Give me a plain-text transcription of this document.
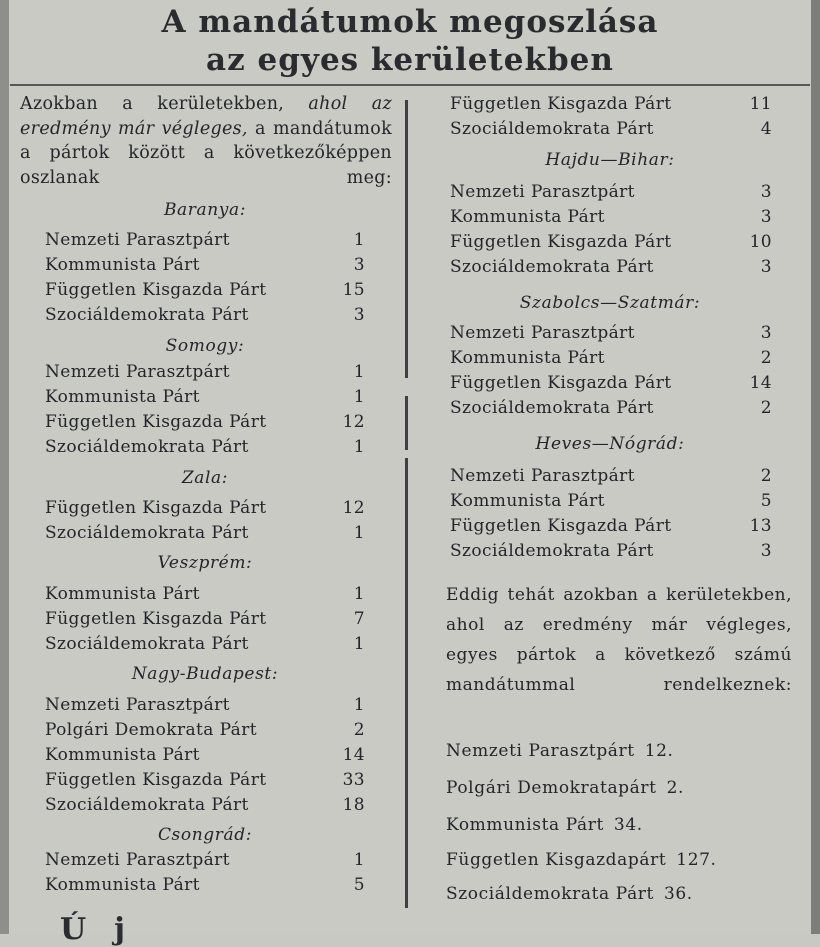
A mandátumok megoszlása
az egyes kerületekben
Azokban a kerületekben, ahol az eredmény már végleges, a mandátumok a pártok között a következőképpen oszlanak meg:
Baranya:
Nemzeti Parasztpárt	1
Kommunista Párt	3
Független Kisgazda Párt	15
Szociáldemokrata Párt	3
Somogy:
Nemzeti Parasztpárt	1
Kommunista Párt	1
Független Kisgazda Párt	12
Szociáldemokrata Párt	1
Zala:
Független Kisgazda Párt	12
Szociáldemokrata Párt	1
Veszprém:
Kommunista Párt	1
Független Kisgazda Párt	7
Szociáldemokrata Párt	1
Nagy-Budapest:
Nemzeti Parasztpárt	1
Polgári Demokrata Párt	2
Kommunista Párt	14
Független Kisgazda Párt	33
Szociáldemokrata Párt	18
Csongrád:
Nemzeti Parasztpárt	1
Kommunista Párt	5
Független Kisgazda Párt	11
Szociáldemokrata Párt	4
Hajdu—Bihar:
Nemzeti Parasztpárt	3
Kommunista Párt	3
Független Kisgazda Párt	10
Szociáldemokrata Párt	3
Szabolcs—Szatmár:
Nemzeti Parasztpárt	3
Kommunista Párt	2
Független Kisgazda Párt	14
Szociáldemokrata Párt	2
Heves—Nógrád:
Nemzeti Parasztpárt	2
Kommunista Párt	5
Független Kisgazda Párt	13
Szociáldemokrata Párt	3
Eddig tehát azokban a kerületekben, ahol az eredmény már végleges, egyes pártok a következő számú mandátummal rendelkeznek:
Nemzeti Parasztpárt 12.
Polgári Demokratapárt 2.
Kommunista Párt 34.
Független Kisgazdapárt 127.
Szociáldemokrata Párt 36.
Új
